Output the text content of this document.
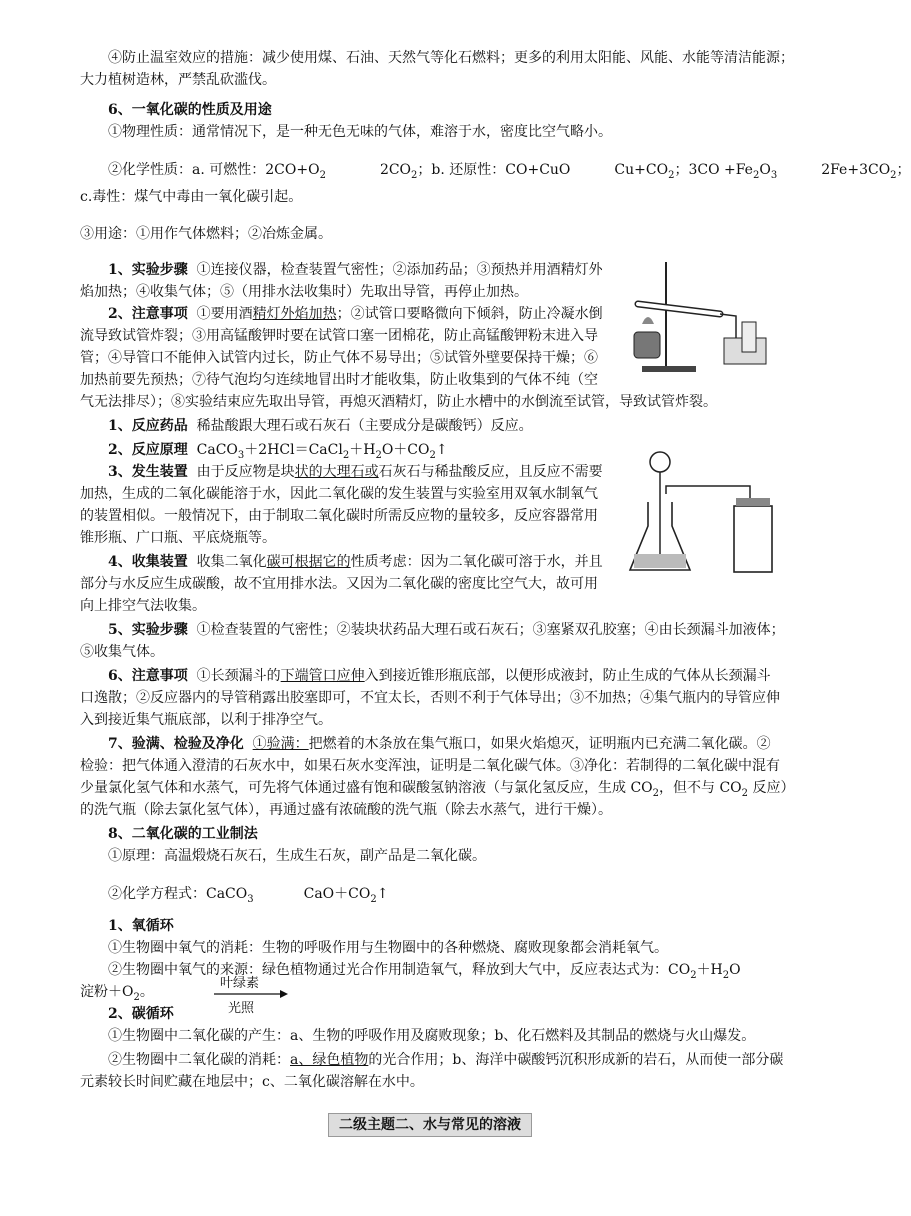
④防止温室效应的措施：减少使用煤、石油、天然气等化石燃料；更多的利用太阳能、风能、水能等清洁能源；
大力植树造林，严禁乱砍滥伐。
6、一氧化碳的性质及用途
①物理性质：通常情况下，是一种无色无味的气体，难溶于水，密度比空气略小。
②化学性质：a. 可燃性：$2CO+O_2$	$2CO_2$；b. 还原性：CO+CuO	$Cu+CO_2$；$3CO +Fe_2O_3$	$2Fe+3CO_2$；
c.毒性：煤气中毒由一氧化碳引起。
③用途：①用作气体燃料；②冶炼金属。
1、实验步骤 ①连接仪器，检查装置气密性；②添加药品；③预热并用酒精灯外
焰加热；④收集气体；⑤（用排水法收集时）先取出导管，再停止加热。
2、注意事项 ①要用酒精灯外焰加热；②试管口要略微向下倾斜，防止冷凝水倒
流导致试管炸裂；③用高锰酸钾时要在试管口塞一团棉花，防止高锰酸钾粉末进入导
管；④导管口不能伸入试管内过长，防止气体不易导出；⑤试管外壁要保持干燥；⑥
加热前要先预热；⑦待气泡均匀连续地冒出时才能收集，防止收集到的气体不纯（空
气无法排尽）；⑧实验结束应先取出导管，再熄灭酒精灯，防止水槽中的水倒流至试管，导致试管炸裂。
1、反应药品 稀盐酸跟大理石或石灰石（主要成分是碳酸钙）反应。
2、反应原理 $CaCO_3+2HCl=CaCl_2+H_2O+CO_2↑$
3、发生装置 由于反应物是块状的大理石或石灰石与稀盐酸反应，且反应不需要
加热，生成的二氧化碳能溶于水，因此二氧化碳的发生装置与实验室用双氧水制氧气
的装置相似。一般情况下，由于制取二氧化碳时所需反应物的量较多，反应容器常用
锥形瓶、广口瓶、平底烧瓶等。
4、收集装置 收集二氧化碳可根据它的性质考虑：因为二氧化碳可溶于水，并且
部分与水反应生成碳酸，故不宜用排水法。又因为二氧化碳的密度比空气大，故可用
向上排空气法收集。
5、实验步骤 ①检查装置的气密性；②装块状药品大理石或石灰石；③塞紧双孔胶塞；④由长颈漏斗加液体；
⑤收集气体。
6、注意事项 ①长颈漏斗的下端管口应伸入到接近锥形瓶底部，以便形成液封，防止生成的气体从长颈漏斗
口逸散；②反应器内的导管稍露出胶塞即可，不宜太长，否则不利于气体导出；③不加热；④集气瓶内的导管应伸
入到接近集气瓶底部，以利于排净空气。
7、验满、检验及净化 ①验满：把燃着的木条放在集气瓶口，如果火焰熄灭，证明瓶内已充满二氧化碳。②
检验：把气体通入澄清的石灰水中，如果石灰水变浑浊，证明是二氧化碳气体。③净化：若制得的二氧化碳中混有
少量氯化氢气体和水蒸气，可先将气体通过盛有饱和碳酸氢钠溶液（与氯化氢反应，生成 $CO_2$，但不与 $CO_2$ 反应）
的洗气瓶（除去氯化氢气体），再通过盛有浓硫酸的洗气瓶（除去水蒸气，进行干燥）。
8、二氧化碳的工业制法
①原理：高温煅烧石灰石，生成生石灰，副产品是二氧化碳。
②化学方程式：CaCO$_3$	$CaO+CO_2↑$
1、氧循环
①生物圈中氧气的消耗：生物的呼吸作用与生物圈中的各种燃烧、腐败现象都会消耗氧气。
②生物圈中氧气的来源：绿色植物通过光合作用制造氧气，释放到大气中，反应表达式为：$CO_2+H_2O$
淀粉$+O_2$。
2、碳循环
叶绿素
光照
①生物圈中二氧化碳的产生：a、生物的呼吸作用及腐败现象；b、化石燃料及其制品的燃烧与火山爆发。
②生物圈中二氧化碳的消耗：a、绿色植物的光合作用；b、海洋中碳酸钙沉积形成新的岩石，从而使一部分碳
元素较长时间贮藏在地层中；c、二氧化碳溶解在水中。
二级主题二、水与常见的溶液
